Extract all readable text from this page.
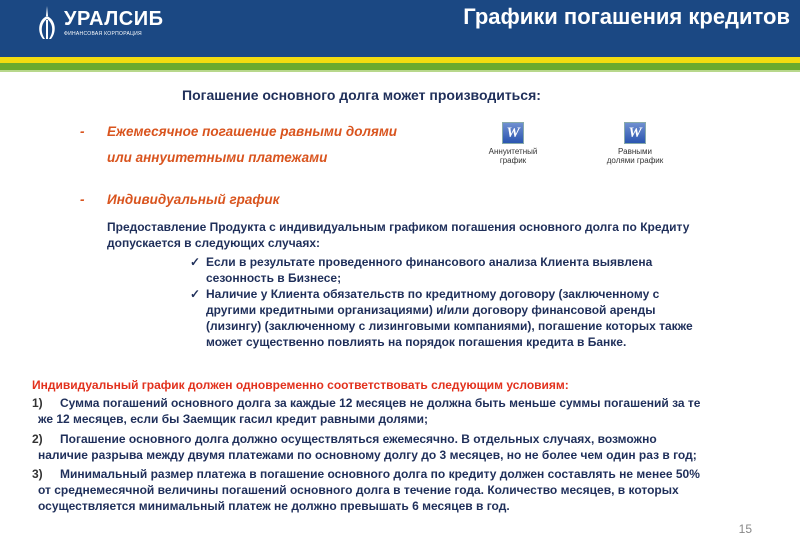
УРАЛСИБ
ФИНАНСОВАЯ КОРПОРАЦИЯ
Графики погашения кредитов
Погашение основного долга может производиться:
- Ежемесячное погашение равными долями
или аннуитетными платежами
- Индивидуальный график
W
Аннуитетный
график
W
Равными
долями график
Предоставление Продукта с индивидуальным графиком погашения основного долга по Кредиту
допускается в следующих случаях:
✓ Если в результате проведенного финансового анализа Клиента выявлена
сезонность в Бизнесе;
✓ Наличие у Клиента обязательств по кредитному договору (заключенному с
другими кредитными организациями) и/или договору финансовой аренды
(лизингу) (заключенному с лизинговыми компаниями), погашение которых также
может существенно повлиять на порядок погашения кредита в Банке.
Индивидуальный график должен одновременно соответствовать следующим условиям:
1) Сумма погашений основного долга за каждые 12 месяцев не должна быть меньше суммы погашений за те
же 12 месяцев, если бы Заемщик гасил кредит равными долями;
2) Погашение основного долга должно осуществляться ежемесячно. В отдельных случаях, возможно
наличие разрыва между двумя платежами по основному долгу до 3 месяцев, но не более чем один раз в год;
3) Минимальный размер платежа в погашение основного долга по кредиту должен составлять не менее 50%
от среднемесячной величины погашений основного долга в течение года. Количество месяцев, в которых
осуществляется минимальный платеж не должно превышать 6 месяцев в год.
15
